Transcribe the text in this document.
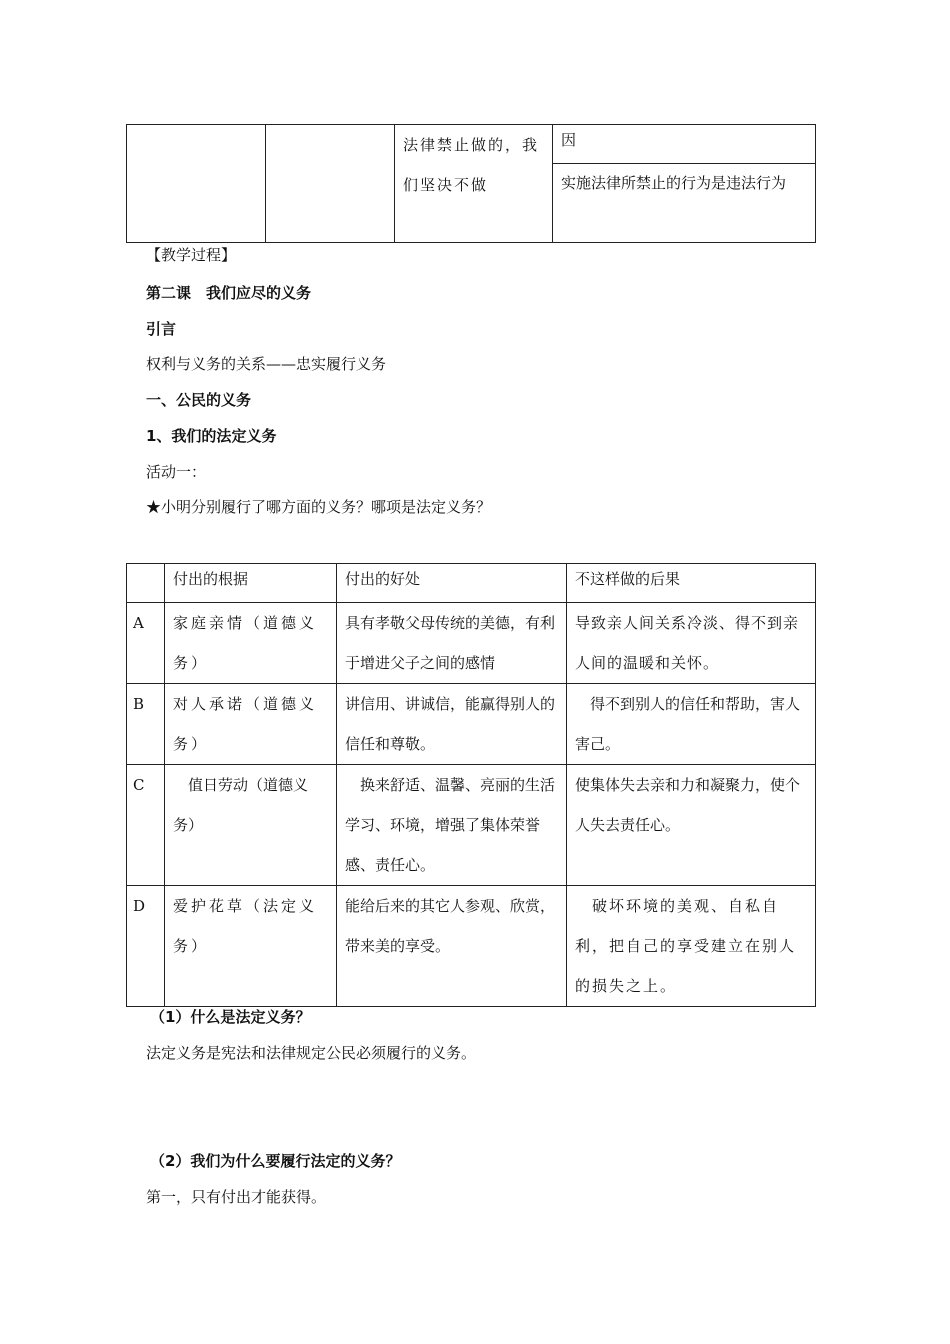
		法律禁止做的，我们坚决不做	因
实施法律所禁止的行为是违法行为
【教学过程】
第二课　我们应尽的义务
引言
权利与义务的关系——忠实履行义务
一、公民的义务
1、我们的法定义务
活动一：
★小明分别履行了哪方面的义务？哪项是法定义务？
	付出的根据	付出的好处	不这样做的后果
A	家庭亲情（道德义务）	具有孝敬父母传统的美德，有利于增进父子之间的感情	导致亲人间关系冷淡、得不到亲人间的温暖和关怀。
B	对人承诺（道德义务）	讲信用、讲诚信，能赢得别人的信任和尊敬。	　得不到别人的信任和帮助，害人害己。
C	　值日劳动（道德义务）	　换来舒适、温馨、亮丽的生活学习、环境，增强了集体荣誉感、责任心。	使集体失去亲和力和凝聚力，使个人失去责任心。
D	爱护花草（法定义务）	能给后来的其它人参观、欣赏，带来美的享受。	　破坏环境的美观、自私自利，把自己的享受建立在别人的损失之上。
（1）什么是法定义务？
法定义务是宪法和法律规定公民必须履行的义务。
（2）我们为什么要履行法定的义务？
第一，只有付出才能获得。
